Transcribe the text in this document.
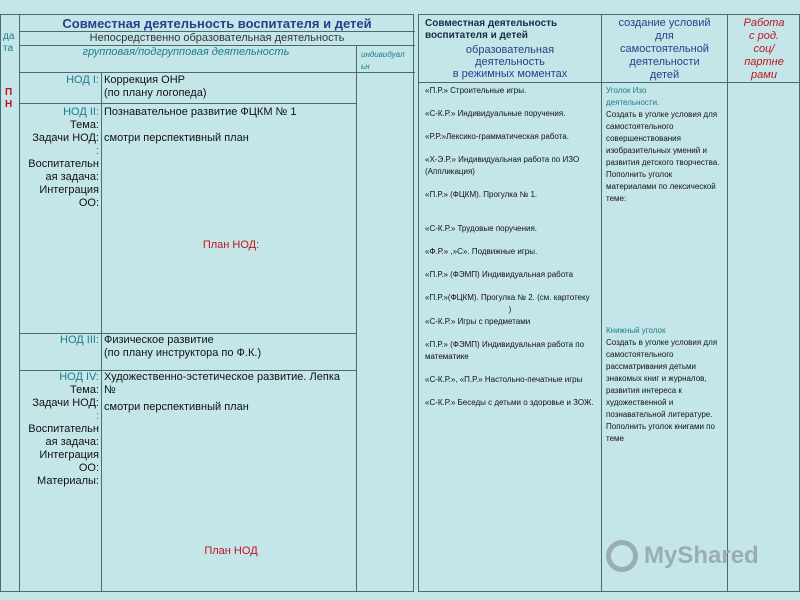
да
та
П
Н
Совместная деятельность воспитателя и детей
Непосредственно образовательная деятельность
групповая/подгрупповая деятельность	индивидуал
ьн
НОД I: Коррекция ОНР
(по плану логопеда)
НОД II:
Тема:
Задачи НОД:
:
Воспитательн
ая задача:
Интеграция
ОО:
Познавательное развитие ФЦКМ № 1
смотри перспективный план
План НОД:
НОД III: Физическое развитие
(по плану инструктора по Ф.К.)
НОД IV:
Тема:
Задачи НОД:
:
Воспитательн
ая задача:
Интеграция
ОО:
Материалы:
Художественно-эстетическое развитие. Лепка
№
смотри перспективный план
План НОД
Совместная деятельность
воспитателя и детей
образовательная
деятельность
в режимных моментах
создание условий
для
самостоятельной
деятельности
детей
Работа
с род.
соц/
партне
рами

«П.Р.» Строительные игры.

«С-К.Р.» Индивидуальные поручения.

«Р.Р.»Лексико-грамматическая работа.

«Х-Э.Р.» Индивидуальная работа по ИЗО (Аппликация)

«П.Р.» (ФЦКМ). Прогулка № 1.

«С-К.Р.» Трудовые поручения.

«Ф.Р.» ,»С». Подвижные игры.

«П.Р.» (ФЭМП) Индивидуальная работа

«П.Р.»(ФЦКМ). Прогулка № 2. (см. картотеку

)

«С-К.Р.» Игры с предметами

«П.Р.» (ФЭМП) Индивидуальная работа по математике

«С-К.Р.», «П.Р.» Настольно-печатные игры

«С-К.Р.» Беседы с детьми о здоровье и ЗОЖ.

Уголок Изо
деятельности.
Создать в уголке условия для самостоятельного совершенствования изобразительных умений и развития детского творчества. Пополнить уголок материалами по лексической теме:
Книжный уголок
Создать в уголке условия для самостоятельного рассматривания детьми знакомых книг и журналов, развития интереса к художественной и познавательной литературе. Пополнить уголок книгами по теме
MyShared
